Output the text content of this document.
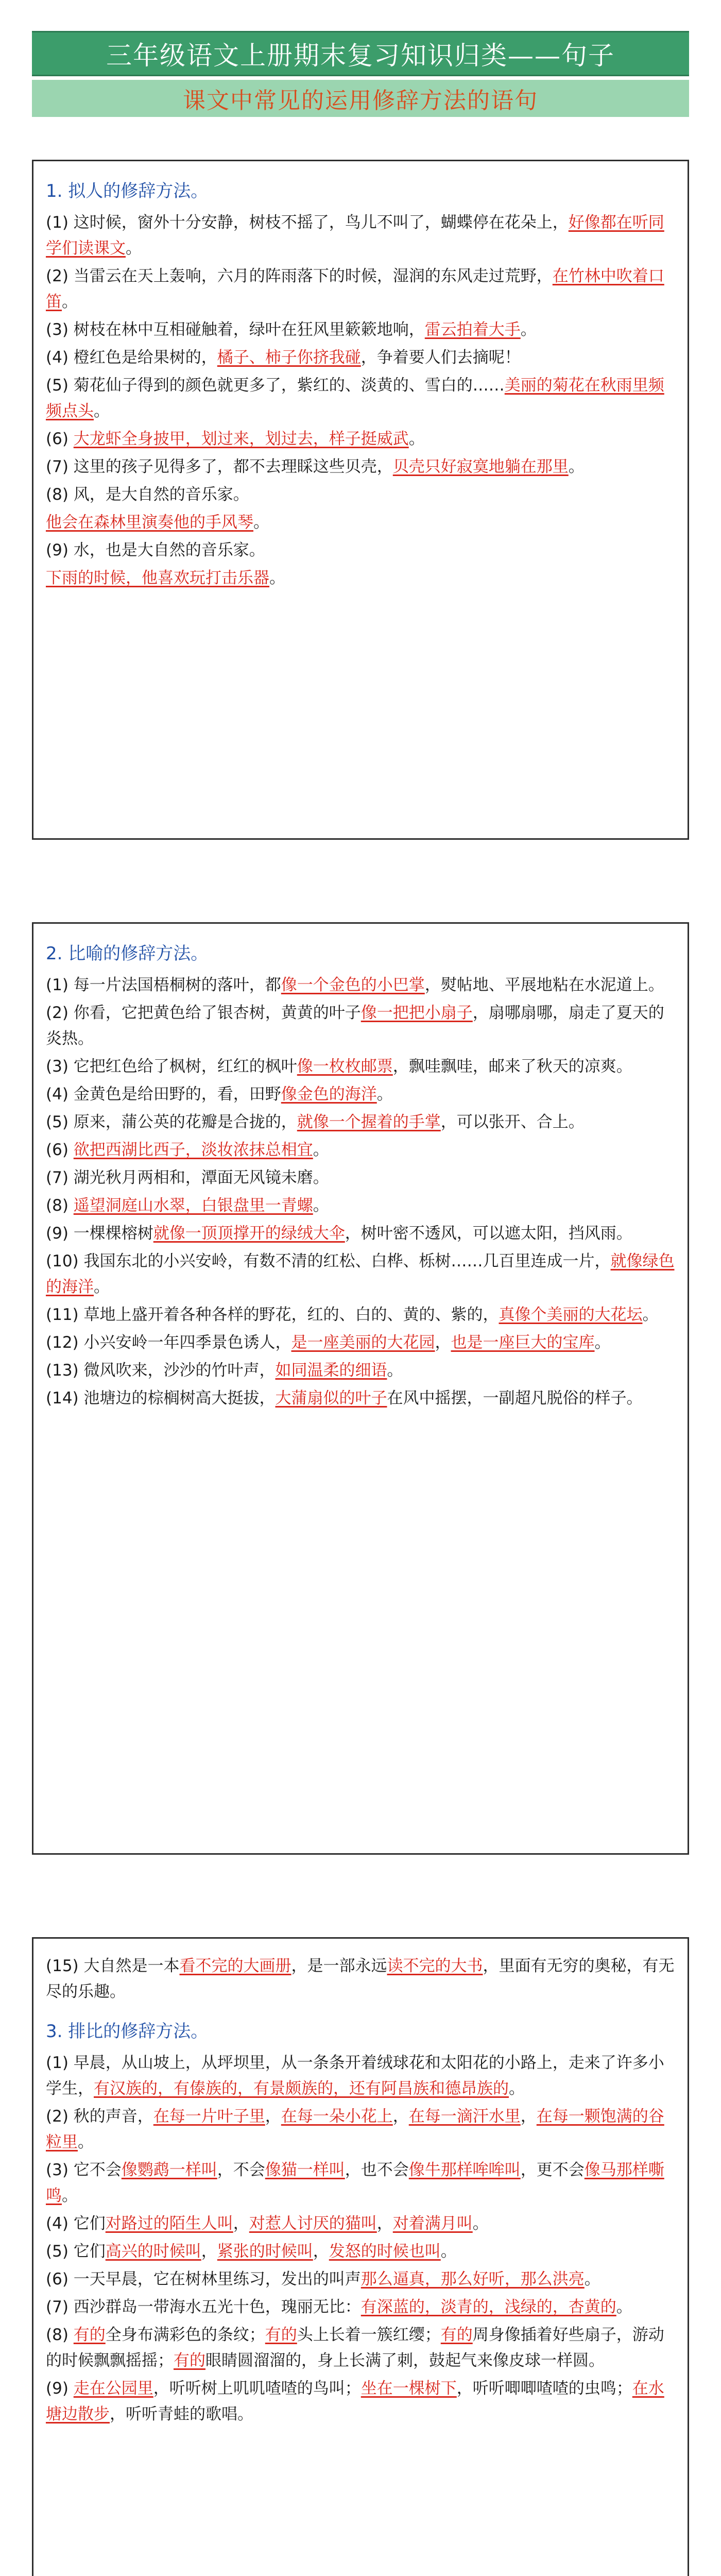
三年级语文上册期末复习知识归类——句子
课文中常见的运用修辞方法的语句
1. 拟人的修辞方法。
(1) 这时候，窗外十分安静，树枝不摇了，鸟儿不叫了，蝴蝶停在花朵上，好像都在听同学们读课文。
(2) 当雷云在天上轰响，六月的阵雨落下的时候，湿润的东风走过荒野，在竹林中吹着口笛。
(3) 树枝在林中互相碰触着，绿叶在狂风里簌簌地响，雷云拍着大手。
(4) 橙红色是给果树的，橘子、柿子你挤我碰，争着要人们去摘呢！
(5) 菊花仙子得到的颜色就更多了，紫红的、淡黄的、雪白的……美丽的菊花在秋雨里频频点头。
(6) 大龙虾全身披甲，划过来，划过去，样子挺威武。
(7) 这里的孩子见得多了，都不去理睬这些贝壳，贝壳只好寂寞地躺在那里。
(8) 风，是大自然的音乐家。
他会在森林里演奏他的手风琴。
(9) 水，也是大自然的音乐家。
下雨的时候，他喜欢玩打击乐器。
2. 比喻的修辞方法。
(1) 每一片法国梧桐树的落叶，都像一个金色的小巴掌，熨帖地、平展地粘在水泥道上。
(2) 你看，它把黄色给了银杏树，黄黄的叶子像一把把小扇子，扇哪扇哪，扇走了夏天的炎热。
(3) 它把红色给了枫树，红红的枫叶像一枚枚邮票，飘哇飘哇，邮来了秋天的凉爽。
(4) 金黄色是给田野的，看，田野像金色的海洋。
(5) 原来，蒲公英的花瓣是合拢的，就像一个握着的手掌，可以张开、合上。
(6) 欲把西湖比西子，淡妆浓抹总相宜。
(7) 湖光秋月两相和，潭面无风镜未磨。
(8) 遥望洞庭山水翠，白银盘里一青螺。
(9) 一棵棵榕树就像一顶顶撑开的绿绒大伞，树叶密不透风，可以遮太阳，挡风雨。
(10) 我国东北的小兴安岭，有数不清的红松、白桦、栎树……几百里连成一片，就像绿色的海洋。
(11) 草地上盛开着各种各样的野花，红的、白的、黄的、紫的，真像个美丽的大花坛。
(12) 小兴安岭一年四季景色诱人，是一座美丽的大花园，也是一座巨大的宝库。
(13) 微风吹来，沙沙的竹叶声，如同温柔的细语。
(14) 池塘边的棕榈树高大挺拔，大蒲扇似的叶子在风中摇摆，一副超凡脱俗的样子。
(15) 大自然是一本看不完的大画册，是一部永远读不完的大书，里面有无穷的奥秘，有无尽的乐趣。
3. 排比的修辞方法。
(1) 早晨，从山坡上，从坪坝里，从一条条开着绒球花和太阳花的小路上，走来了许多小学生，有汉族的，有傣族的，有景颇族的，还有阿昌族和德昂族的。
(2) 秋的声音，在每一片叶子里，在每一朵小花上，在每一滴汗水里，在每一颗饱满的谷粒里。
(3) 它不会像鹦鹉一样叫，不会像猫一样叫，也不会像牛那样哞哞叫，更不会像马那样嘶鸣。
(4) 它们对路过的陌生人叫，对惹人讨厌的猫叫，对着满月叫。
(5) 它们高兴的时候叫，紧张的时候叫，发怒的时候也叫。
(6) 一天早晨，它在树林里练习，发出的叫声那么逼真，那么好听，那么洪亮。
(7) 西沙群岛一带海水五光十色，瑰丽无比：有深蓝的，淡青的，浅绿的，杏黄的。
(8) 有的全身布满彩色的条纹；有的头上长着一簇红缨；有的周身像插着好些扇子，游动的时候飘飘摇摇；有的眼睛圆溜溜的，身上长满了刺，鼓起气来像皮球一样圆。
(9) 走在公园里，听听树上叽叽喳喳的鸟叫；坐在一棵树下，听听唧唧喳喳的虫鸣；在水塘边散步，听听青蛙的歌唱。
